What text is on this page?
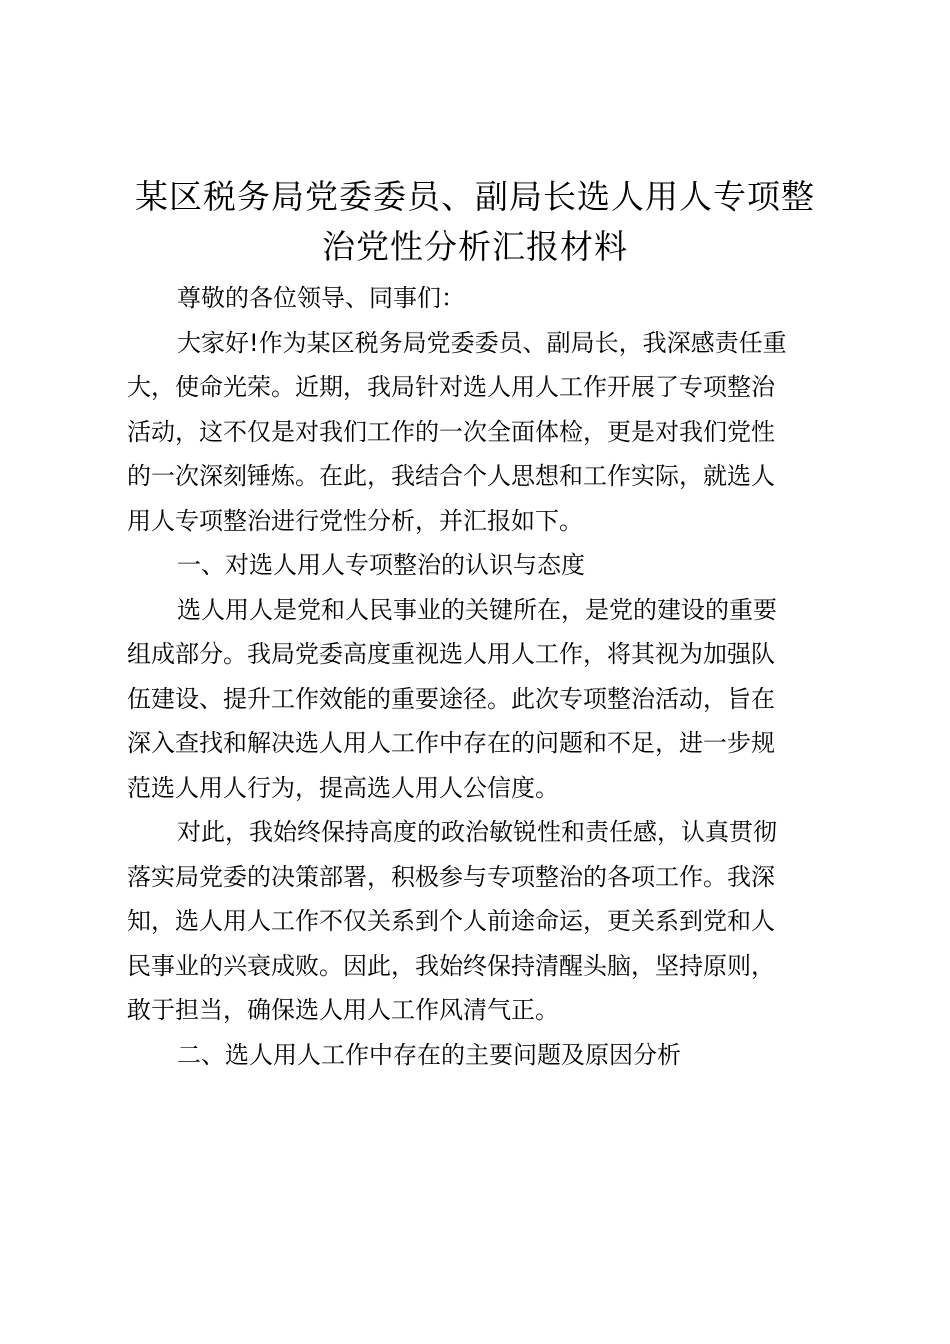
某区税务局党委委员、副局长选人用人专项整
治党性分析汇报材料
尊敬的各位领导、同事们：
大家好!作为某区税务局党委委员、副局长，我深感责任重
大，使命光荣。近期，我局针对选人用人工作开展了专项整治
活动，这不仅是对我们工作的一次全面体检，更是对我们党性
的一次深刻锤炼。在此，我结合个人思想和工作实际，就选人
用人专项整治进行党性分析，并汇报如下。
一、对选人用人专项整治的认识与态度
选人用人是党和人民事业的关键所在，是党的建设的重要
组成部分。我局党委高度重视选人用人工作，将其视为加强队
伍建设、提升工作效能的重要途径。此次专项整治活动，旨在
深入查找和解决选人用人工作中存在的问题和不足，进一步规
范选人用人行为，提高选人用人公信度。
对此，我始终保持高度的政治敏锐性和责任感，认真贯彻
落实局党委的决策部署，积极参与专项整治的各项工作。我深
知，选人用人工作不仅关系到个人前途命运，更关系到党和人
民事业的兴衰成败。因此，我始终保持清醒头脑，坚持原则，
敢于担当，确保选人用人工作风清气正。
二、选人用人工作中存在的主要问题及原因分析
